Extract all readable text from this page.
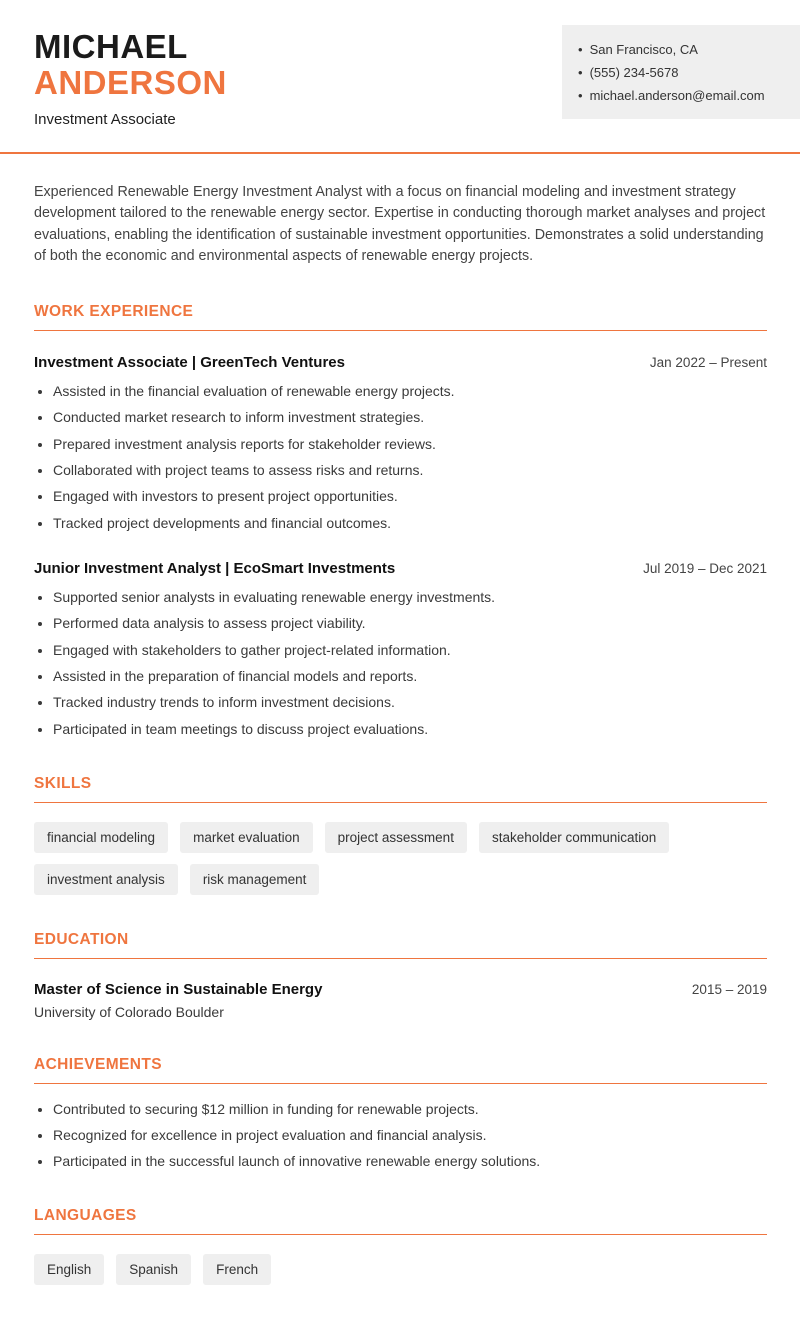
MICHAEL
ANDERSON
Investment Associate
• San Francisco, CA
• (555) 234-5678
• michael.anderson@email.com

Experienced Renewable Energy Investment Analyst with a focus on financial modeling and investment strategy development tailored to the renewable energy sector. Expertise in conducting thorough market analyses and project evaluations, enabling the identification of sustainable investment opportunities. Demonstrates a solid understanding of both the economic and environmental aspects of renewable energy projects.

WORK EXPERIENCE
Investment Associate | GreenTech Ventures	Jan 2022 – Present
• Assisted in the financial evaluation of renewable energy projects.
• Conducted market research to inform investment strategies.
• Prepared investment analysis reports for stakeholder reviews.
• Collaborated with project teams to assess risks and returns.
• Engaged with investors to present project opportunities.
• Tracked project developments and financial outcomes.
Junior Investment Analyst | EcoSmart Investments	Jul 2019 – Dec 2021
• Supported senior analysts in evaluating renewable energy investments.
• Performed data analysis to assess project viability.
• Engaged with stakeholders to gather project-related information.
• Assisted in the preparation of financial models and reports.
• Tracked industry trends to inform investment decisions.
• Participated in team meetings to discuss project evaluations.
SKILLS
financial modeling	market evaluation	project assessment	stakeholder communication
investment analysis	risk management
EDUCATION
Master of Science in Sustainable Energy	2015 – 2019
University of Colorado Boulder
ACHIEVEMENTS
• Contributed to securing $12 million in funding for renewable projects.
• Recognized for excellence in project evaluation and financial analysis.
• Participated in the successful launch of innovative renewable energy solutions.
LANGUAGES
English	Spanish	French
